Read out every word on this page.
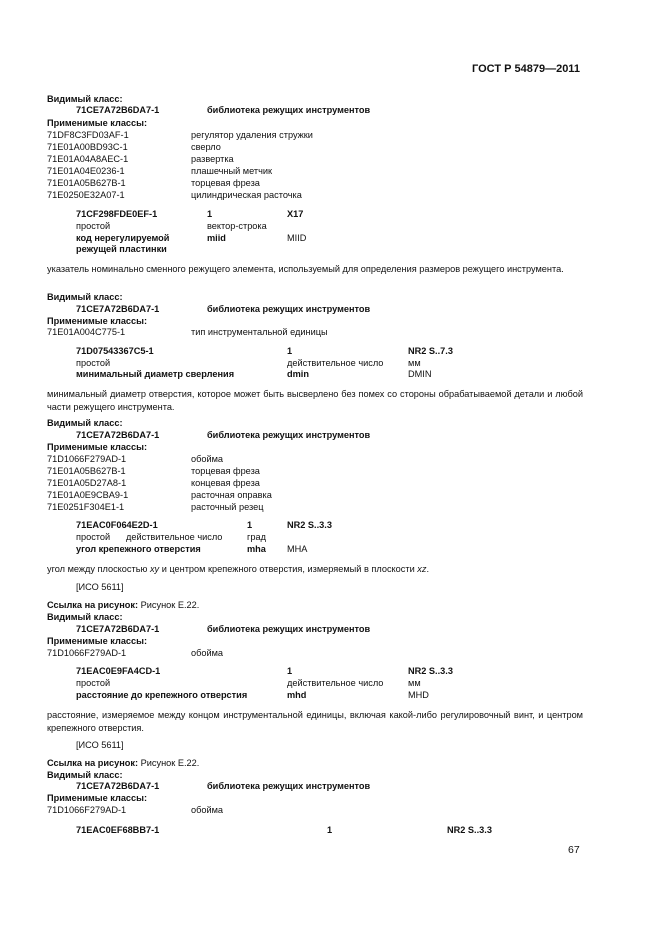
ГОСТ Р 54879—2011
Видимый класс:
71CE7A72B6DA7-1	библиотека режущих инструментов
Применимые классы:
71DF8C3FD03AF-1	регулятор удаления стружки
71E01A00BD93C-1	сверло
71E01A04A8AEC-1	развертка
71E01A04E0236-1	плашечный метчик
71E01A05B627B-1	торцевая фреза
71E0250E32A07-1	цилиндрическая расточка
71CF298FDE0EF-1	1	X17
простой	вектор-строка
код нерегулируемой	miid	MIID
режущей пластинки
указатель номинально сменного режущего элемента, используемый для определения размеров режущего инструмента.
Видимый класс:
71CE7A72B6DA7-1	библиотека режущих инструментов
Применимые классы:
71E01A004C775-1	тип инструментальной единицы
71D07543367C5-1	1	NR2 S..7.3
простой	действительное число	мм
минимальный диаметр сверления	dmin	DMIN
минимальный диаметр отверстия, которое может быть высверлено без помех со стороны обрабатываемой детали и любой части режущего инструмента.
Видимый класс:
71CE7A72B6DA7-1	библиотека режущих инструментов
Применимые классы:
71D1066F279AD-1	обойма
71E01A05B627B-1	торцевая фреза
71E01A05D27A8-1	концевая фреза
71E01A0E9CBA9-1	расточная оправка
71E0251F304E1-1	расточный резец
71EAC0F064E2D-1	1	NR2 S..3.3
простой действительное число	град
угол крепежного отверстия	mha MHA
угол между плоскостью xy и центром крепежного отверстия, измеряемый в плоскости xz.
[ИСО 5611]
Ссылка на рисунок: Рисунок Е.22.
Видимый класс:
71CE7A72B6DA7-1	библиотека режущих инструментов
Применимые классы:
71D1066F279AD-1	обойма
71EAC0E9FA4CD-1	1	NR2 S..3.3
простой	действительное число	мм
расстояние до крепежного отверстия	mhd	MHD
расстояние, измеряемое между концом инструментальной единицы, включая какой-либо регулировочный винт, и центром крепежного отверстия.
[ИСО 5611]
Ссылка на рисунок: Рисунок Е.22.
Видимый класс:
71CE7A72B6DA7-1	библиотека режущих инструментов
Применимые классы:
71D1066F279AD-1	обойма
71EAC0EF68BB7-1	1	NR2 S..3.3
67
